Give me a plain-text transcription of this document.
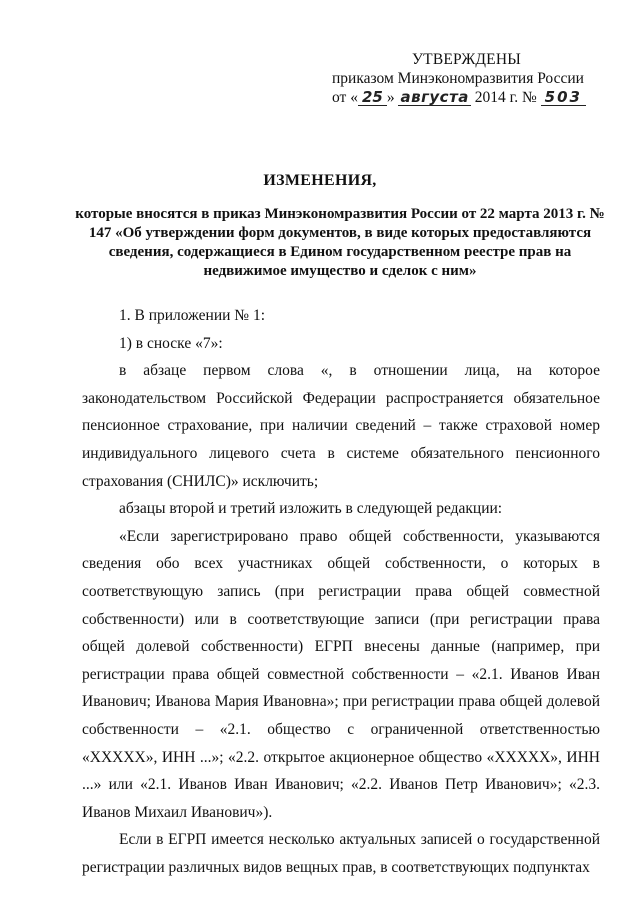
УТВЕРЖДЕНЫ
приказом Минэкономразвития России
от « 25 » августа 2014 г. № 503
ИЗМЕНЕНИЯ,
которые вносятся в приказ Минэкономразвития России от 22 марта 2013 г. № 147 «Об утверждении форм документов, в виде которых предоставляются сведения, содержащиеся в Едином государственном реестре прав на недвижимое имущество и сделок с ним»

1. В приложении № 1:

1) в сноске «7»:

в абзаце первом слова «, в отношении лица, на которое законодательством Российской Федерации распространяется обязательное пенсионное страхование, при наличии сведений – также страховой номер индивидуального лицевого счета в системе обязательного пенсионного страхования (СНИЛС)» исключить;

абзацы второй и третий изложить в следующей редакции:

«Если зарегистрировано право общей собственности, указываются сведения обо всех участниках общей собственности, о которых в соответствующую запись (при регистрации права общей совместной собственности) или в соответствующие записи (при регистрации права общей долевой собственности) ЕГРП внесены данные (например, при регистрации права общей совместной собственности – «2.1. Иванов Иван Иванович; Иванова Мария Ивановна»; при регистрации права общей долевой собственности – «2.1. общество с ограниченной ответственностью «XXXXX», ИНН ...»; «2.2. открытое акционерное общество «XXXXX», ИНН ...» или «2.1. Иванов Иван Иванович; «2.2. Иванов Петр Иванович»; «2.3. Иванов Михаил Иванович»).

Если в ЕГРП имеется несколько актуальных записей о государственной регистрации различных видов вещных прав, в соответствующих подпунктах
